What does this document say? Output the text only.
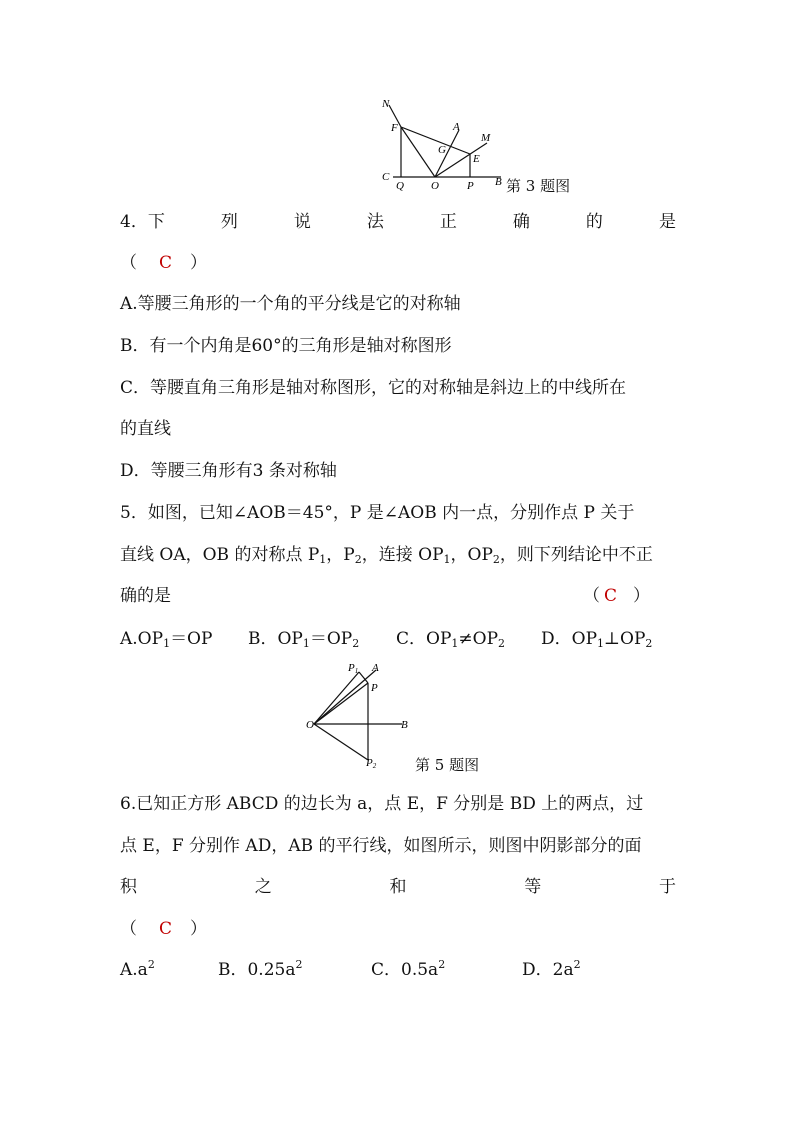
N
F	A
M
G
E
C
Q O	P B 第 3 题图
4．下	列	说	法	正	确	的	是
（ C ）
A.等腰三角形的一个角的平分线是它的对称轴
B．有一个内角是60°的三角形是轴对称图形
C．等腰直角三角形是轴对称图形，它的对称轴是斜边上的中线所在
的直线
D．等腰三角形有3 条对称轴
5．如图，已知∠AOB＝45°，P 是∠AOB 内一点，分别作点 P 关于
直线 OA，OB 的对称点 $P_1$，$P_2$，连接 $OP_1$，$OP_2$，则下列结论中不正
确的是	（ C ）
$A.OP_1=OP$ B．$OP_1=OP_2$ C．$OP_1\ne OP_2$ D．$OP_1\perp OP_2$
P1 A
P
O	B
P2	第 5 题图
6.已知正方形 ABCD 的边长为 a，点 E，F 分别是 BD 上的两点，过
点 E，F 分别作 AD，AB 的平行线，如图所示，则图中阴影部分的面
积	之	和	等	于
（ C ）
$A.a^2$	B．$0.25a^2$	C．$0.5a^2$	D．$2a^2$
